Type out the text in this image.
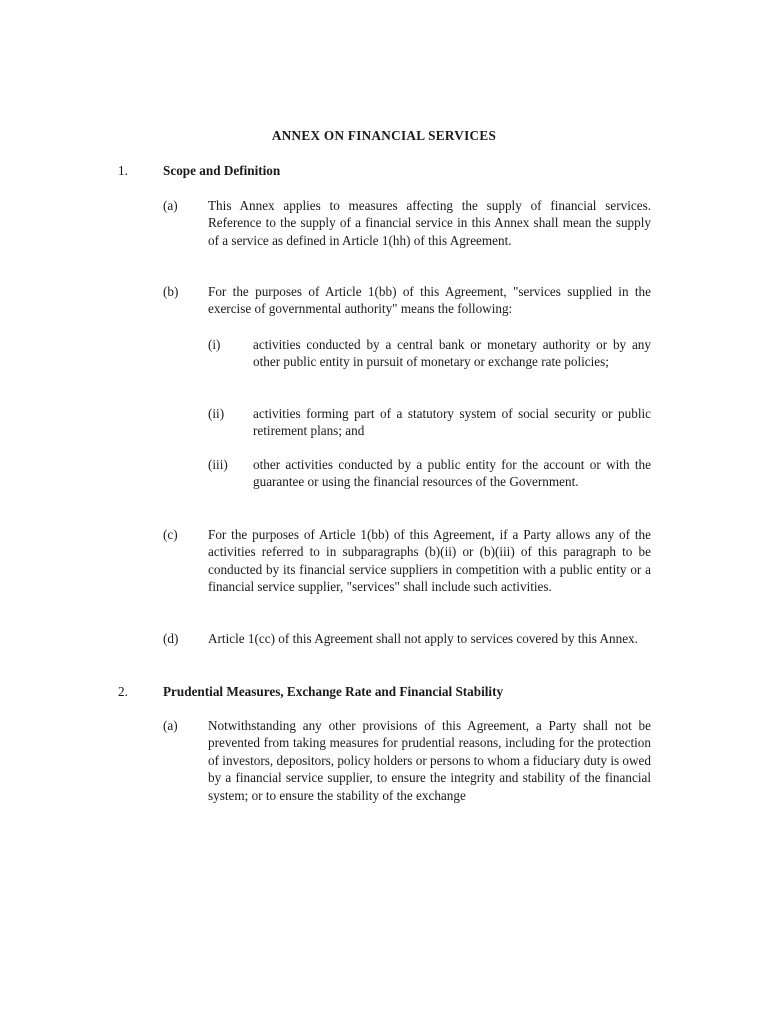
ANNEX ON FINANCIAL SERVICES
1.	Scope and Definition
(a) This Annex applies to measures affecting the supply of financial services. Reference to the supply of a financial service in this Annex shall mean the supply of a service as defined in Article 1(hh) of this Agreement.
(b) For the purposes of Article 1(bb) of this Agreement, "services supplied in the exercise of governmental authority" means the following:
(i) activities conducted by a central bank or monetary authority or by any other public entity in pursuit of monetary or exchange rate policies;
(ii) activities forming part of a statutory system of social security or public retirement plans; and
(iii) other activities conducted by a public entity for the account or with the guarantee or using the financial resources of the Government.
(c) For the purposes of Article 1(bb) of this Agreement, if a Party allows any of the activities referred to in subparagraphs (b)(ii) or (b)(iii) of this paragraph to be conducted by its financial service suppliers in competition with a public entity or a financial service supplier, "services" shall include such activities.
(d) Article 1(cc) of this Agreement shall not apply to services covered by this Annex.
2.	Prudential Measures, Exchange Rate and Financial Stability
(a) Notwithstanding any other provisions of this Agreement, a Party shall not be prevented from taking measures for prudential reasons, including for the protection of investors, depositors, policy holders or persons to whom a fiduciary duty is owed by a financial service supplier, to ensure the integrity and stability of the financial system; or to ensure the stability of the exchange
